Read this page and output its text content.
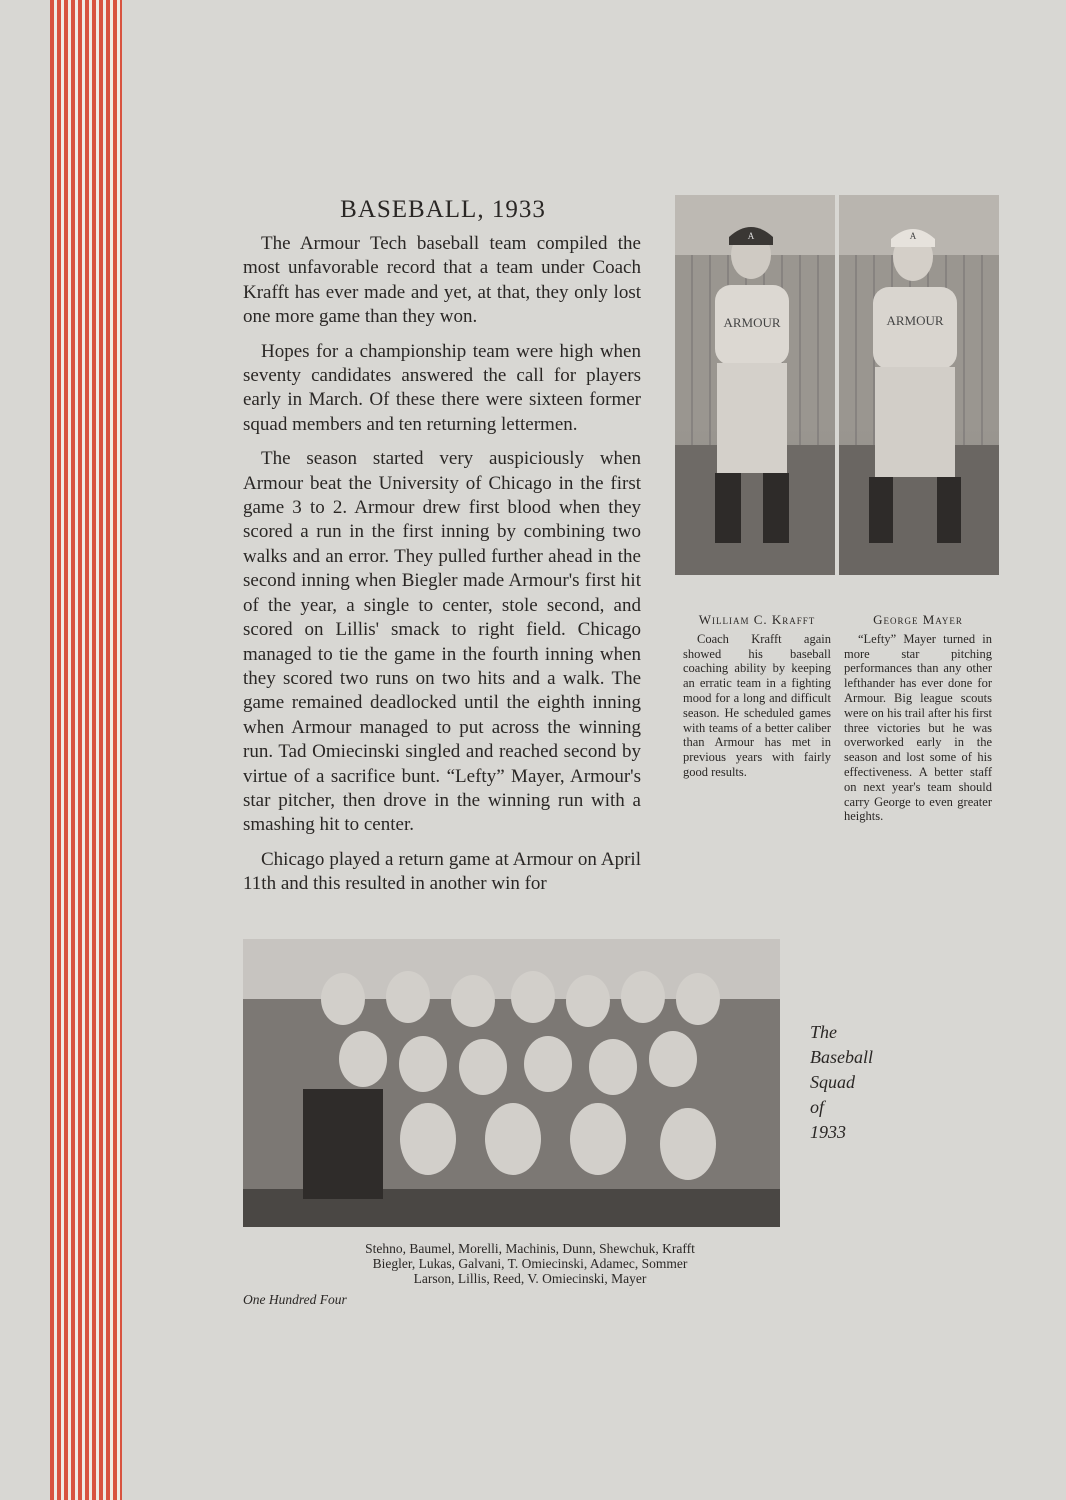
BASEBALL, 1933

The Armour Tech baseball team compiled the most unfavorable record that a team under Coach Krafft has ever made and yet, at that, they only lost one more game than they won.

Hopes for a championship team were high when seventy candidates answered the call for players early in March. Of these there were sixteen former squad members and ten returning lettermen.

The season started very auspiciously when Armour beat the University of Chicago in the first game 3 to 2. Armour drew first blood when they scored a run in the first inning by combining two walks and an error. They pulled further ahead in the second inning when Biegler made Armour's first hit of the year, a single to center, stole second, and scored on Lillis' smack to right field. Chicago managed to tie the game in the fourth inning when they scored two runs on two hits and a walk. The game remained deadlocked until the eighth inning when Armour managed to put across the winning run. Tad Omiecinski singled and reached second by virtue of a sacrifice bunt. “Lefty” Mayer, Armour's star pitcher, then drove in the winning run with a smashing hit to center.

Chicago played a return game at Armour on April 11th and this resulted in another win for

ARMOUR
A
ARMOUR
A
William C. Krafft
Coach Krafft again showed his baseball coaching ability by keeping an erratic team in a fighting mood for a long and difficult season. He scheduled games with teams of a better caliber than Armour has met in previous years with fairly good results.
George Mayer
“Lefty” Mayer turned in more star pitching performances than any other lefthander has ever done for Armour. Big league scouts were on his trail after his first three victories but he was overworked early in the season and lost some of his effectiveness. A better staff on next year's team should carry George to even greater heights.
The
Baseball
Squad
of
1933
Stehno, Baumel, Morelli, Machinis, Dunn, Shewchuk, Krafft
Biegler, Lukas, Galvani, T. Omiecinski, Adamec, Sommer
Larson, Lillis, Reed, V. Omiecinski, Mayer
One Hundred Four
